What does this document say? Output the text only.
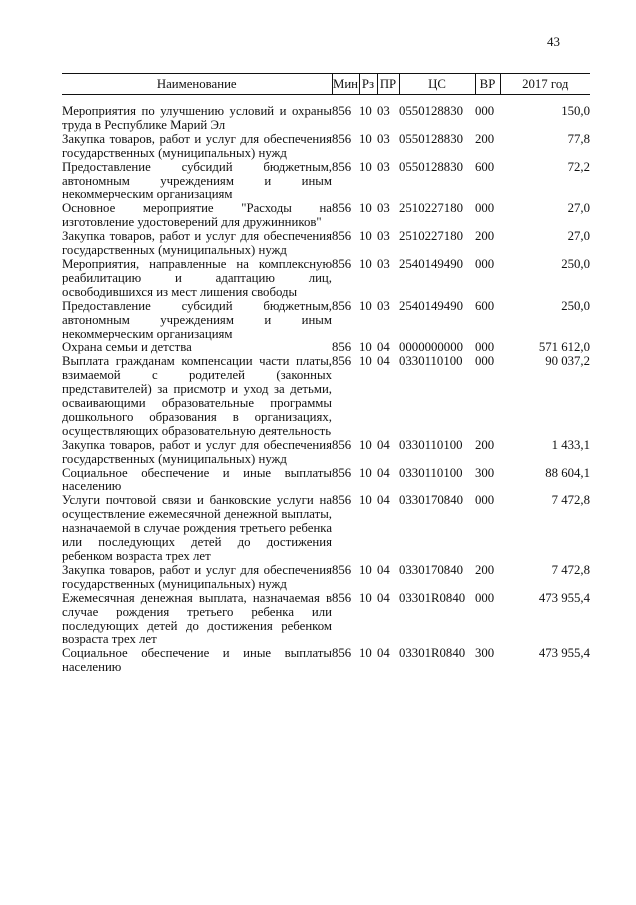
43
Наименование	Мин	Рз	ПР	ЦС	ВР	2017 год

Мероприятия по улучшению условий и охраны труда в Республике Марий Эл	856	10	03	0550128830	000	150,0
Закупка товаров, работ и услуг для обеспечения государственных (муниципальных) нужд	856	10	03	0550128830	200	77,8
Предоставление субсидий бюджетным, автономным учреждениям и иным некоммерческим организациям	856	10	03	0550128830	600	72,2
Основное мероприятие "Расходы на изготовление удостоверений для дружинников"	856	10	03	2510227180	000	27,0
Закупка товаров, работ и услуг для обеспечения государственных (муниципальных) нужд	856	10	03	2510227180	200	27,0
Мероприятия, направленные на комплексную реабилитацию и адаптацию лиц, освободившихся из мест лишения свободы	856	10	03	2540149490	000	250,0
Предоставление субсидий бюджетным, автономным учреждениям и иным некоммерческим организациям	856	10	03	2540149490	600	250,0
Охрана семьи и детства	856	10	04	0000000000	000	571 612,0
Выплата гражданам компенсации части платы, взимаемой с родителей (законных представителей) за присмотр и уход за детьми, осваивающими образовательные программы дошкольного образования в организациях, осуществляющих образовательную деятельность	856	10	04	0330110100	000	90 037,2
Закупка товаров, работ и услуг для обеспечения государственных (муниципальных) нужд	856	10	04	0330110100	200	1 433,1
Социальное обеспечение и иные выплаты населению	856	10	04	0330110100	300	88 604,1
Услуги почтовой связи и банковские услуги на осуществление ежемесячной денежной выплаты, назначаемой в случае рождения третьего ребенка или последующих детей до достижения ребенком возраста трех лет	856	10	04	0330170840	000	7 472,8
Закупка товаров, работ и услуг для обеспечения государственных (муниципальных) нужд	856	10	04	0330170840	200	7 472,8
Ежемесячная денежная выплата, назначаемая в случае рождения третьего ребенка или последующих детей до достижения ребенком возраста трех лет	856	10	04	03301R0840	000	473 955,4
Социальное обеспечение и иные выплаты населению	856	10	04	03301R0840	300	473 955,4
